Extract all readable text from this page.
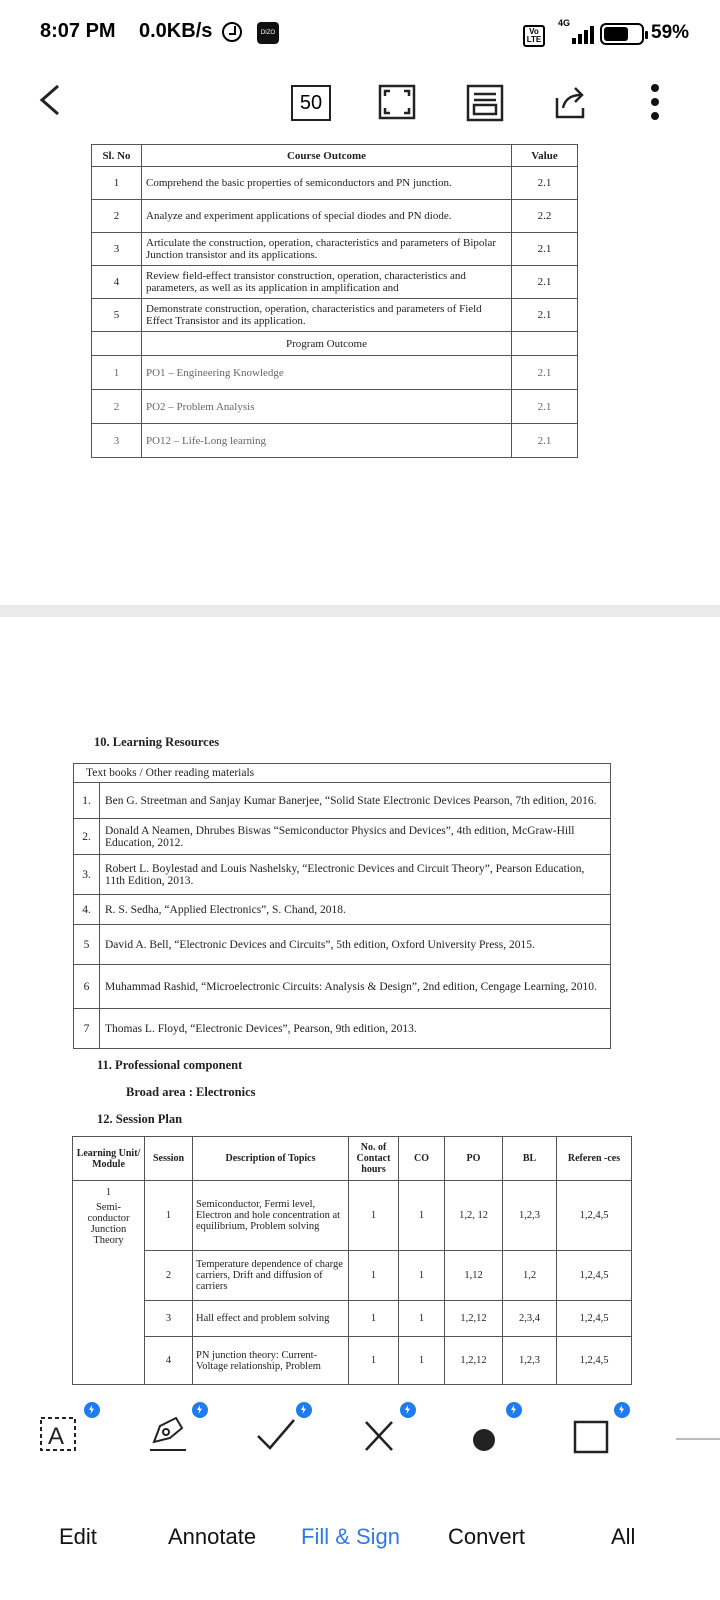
8:07 PM 0.0KB/s	DIZO	Vo LTE
4G	59%
50
Sl. No	Course Outcome	Value
1	Comprehend the basic properties of semiconductors and PN junction.	2.1
2	Analyze and experiment applications of special diodes and PN diode.	2.2
3	Articulate the construction, operation, characteristics and parameters of Bipolar Junction transistor and its applications.	2.1
4	Review field-effect transistor construction, operation, characteristics and parameters, as well as its application in amplification and	2.1
5	Demonstrate construction, operation, characteristics and parameters of Field Effect Transistor and its application.	2.1
	Program Outcome	
1	PO1 – Engineering Knowledge	2.1
2	PO2 – Problem Analysis	2.1
3	PO12 – Life-Long learning	2.1
10. Learning Resources
Text books / Other reading materials	
1.	Ben G. Streetman and Sanjay Kumar Banerjee, “Solid State Electronic Devices Pearson, 7th edition, 2016.
2.	Donald A Neamen, Dhrubes Biswas “Semiconductor Physics and Devices”, 4th edition, McGraw-Hill Education, 2012.
3.	Robert L. Boylestad and Louis Nashelsky, “Electronic Devices and Circuit Theory”, Pearson Education, 11th Edition, 2013.
4.	R. S. Sedha, “Applied Electronics”, S. Chand, 2018.
5	David A. Bell, “Electronic Devices and Circuits”, 5th edition, Oxford University Press, 2015.
6	Muhammad Rashid, “Microelectronic Circuits: Analysis & Design”, 2nd edition, Cengage Learning, 2010.
7	Thomas L. Floyd, “Electronic Devices”, Pearson, 9th edition, 2013.
11. Professional component
Broad area : Electronics
12. Session Plan
Learning Unit/ Module	Session	Description of Topics	No. of Contact hours	CO	PO	BL	Referen -ces

1
Semi-conductor Junction Theory	1	Semiconductor, Fermi level, Electron and hole concentration at equilibrium, Problem solving	1	1	1,2, 12	1,2,3	1,2,4,5
	2	Temperature dependence of charge carriers, Drift and diffusion of carriers	1	1	1,12	1,2	1,2,4,5
	3	Hall effect and problem solving	1	1	1,2,12	2,3,4	1,2,4,5
	4	PN junction theory: Current-Voltage relationship, Problem	1	1	1,2,12	1,2,3	1,2,4,5
A
Edit	Annotate Fill & Sign Convert	All
